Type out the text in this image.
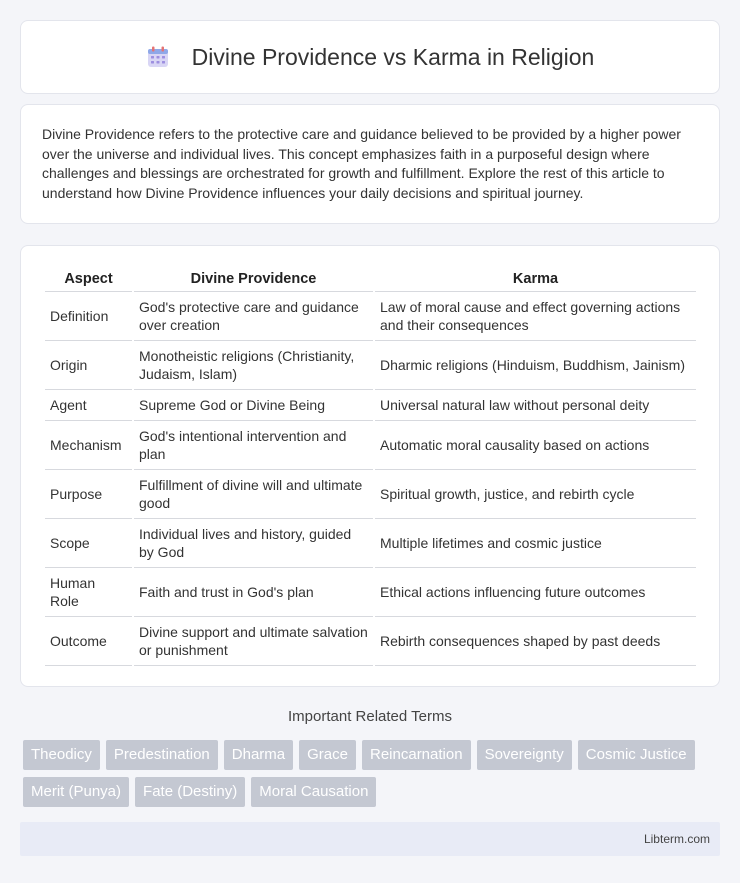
Divine Providence vs Karma in Religion

Divine Providence refers to the protective care and guidance believed to be provided by a higher power over the universe and individual lives. This concept emphasizes faith in a purposeful design where challenges and blessings are orchestrated for growth and fulfillment. Explore the rest of this article to understand how Divine Providence influences your daily decisions and spiritual journey.

Aspect	Divine Providence	Karma
Definition	God's protective care and guidance over creation	Law of moral cause and effect governing actions and their consequences
Origin	Monotheistic religions (Christianity, Judaism, Islam)	Dharmic religions (Hinduism, Buddhism, Jainism)
Agent	Supreme God or Divine Being	Universal natural law without personal deity
Mechanism	God's intentional intervention and plan	Automatic moral causality based on actions
Purpose	Fulfillment of divine will and ultimate good	Spiritual growth, justice, and rebirth cycle
Scope	Individual lives and history, guided by God	Multiple lifetimes and cosmic justice
Human Role	Faith and trust in God's plan	Ethical actions influencing future outcomes
Outcome	Divine support and ultimate salvation or punishment	Rebirth consequences shaped by past deeds
Important Related Terms
Theodicy	Predestination	Dharma	Grace	Reincarnation	Sovereignty	Cosmic Justice
Merit (Punya)	Fate (Destiny)	Moral Causation
Libterm.com
